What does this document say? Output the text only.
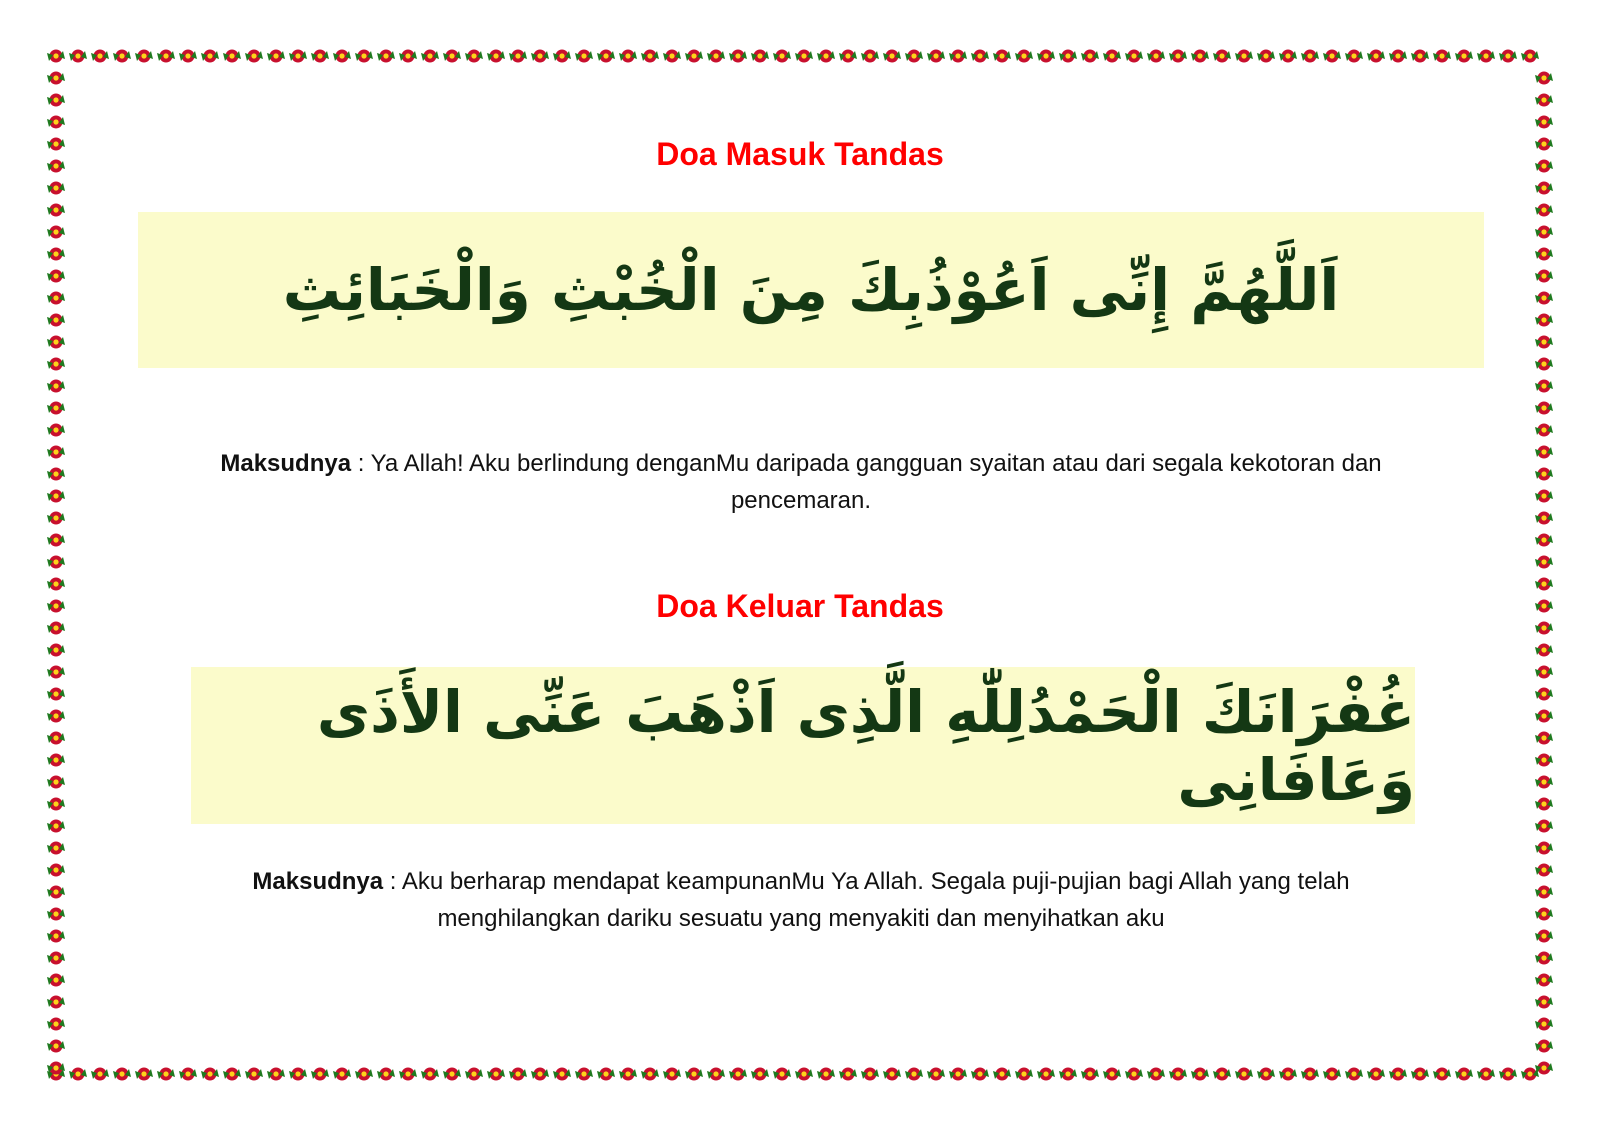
Doa Masuk Tandas
اَللَّهُمَّ إِنِّى اَعُوْذُبِكَ مِنَ الْخُبْثِ وَالْخَبَائِثِ
Maksudnya : Ya Allah! Aku berlindung denganMu daripada gangguan syaitan atau dari segala kekotoran dan pencemaran.
Doa Keluar Tandas
غُفْرَانَكَ الْحَمْدُلِلّٰهِ الَّذِى اَذْهَبَ عَنِّى الأَذَى وَعَافَانِى
Maksudnya : Aku berharap mendapat keampunanMu Ya Allah. Segala puji-pujian bagi Allah yang telah menghilangkan dariku sesuatu yang menyakiti dan menyihatkan aku
